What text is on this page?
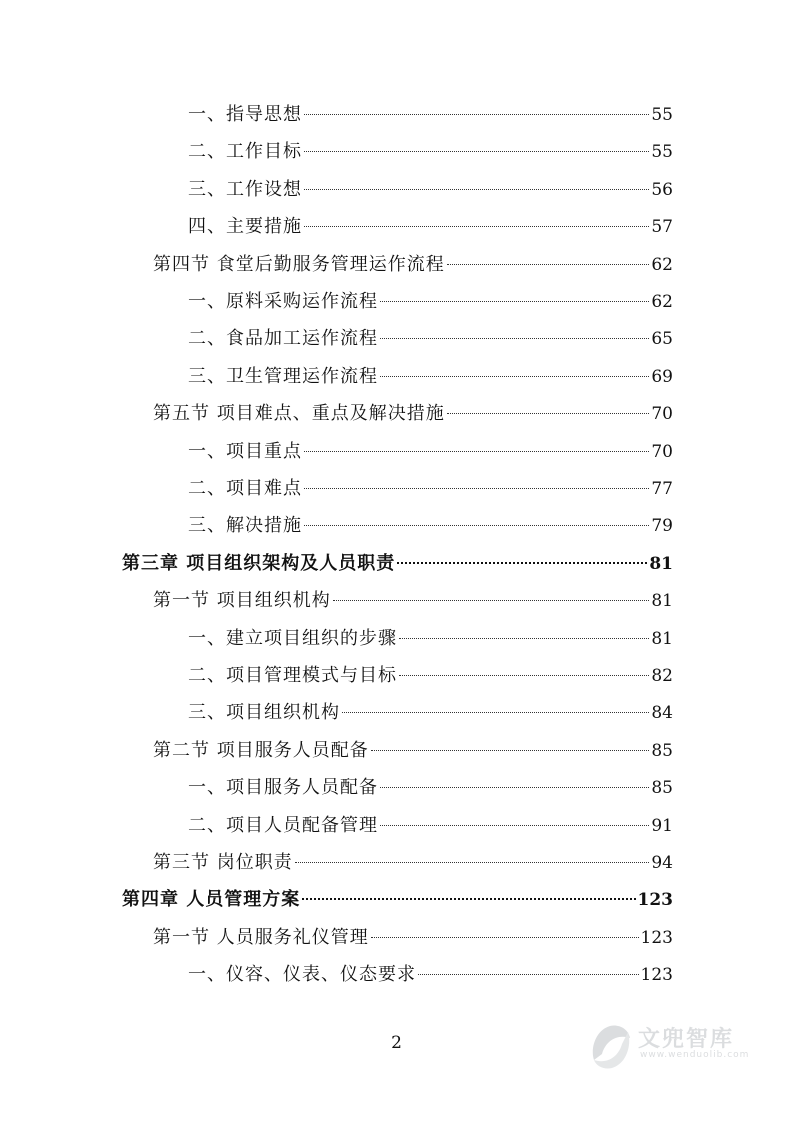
一、指导思想	55
二、工作目标	55
三、工作设想	56
四、主要措施	57
第四节 食堂后勤服务管理运作流程	62
一、原料采购运作流程	62
二、食品加工运作流程	65
三、卫生管理运作流程	69
第五节 项目难点、重点及解决措施	70
一、项目重点	70
二、项目难点	77
三、解决措施	79
第三章 项目组织架构及人员职责	81
第一节 项目组织机构	81
一、建立项目组织的步骤	81
二、项目管理模式与目标	82
三、项目组织机构	84
第二节 项目服务人员配备	85
一、项目服务人员配备	85
二、项目人员配备管理	91
第三节 岗位职责	94
第四章 人员管理方案	123
第一节 人员服务礼仪管理	123
一、仪容、仪表、仪态要求	123
2	文兜智库
www.wenduolib.com
